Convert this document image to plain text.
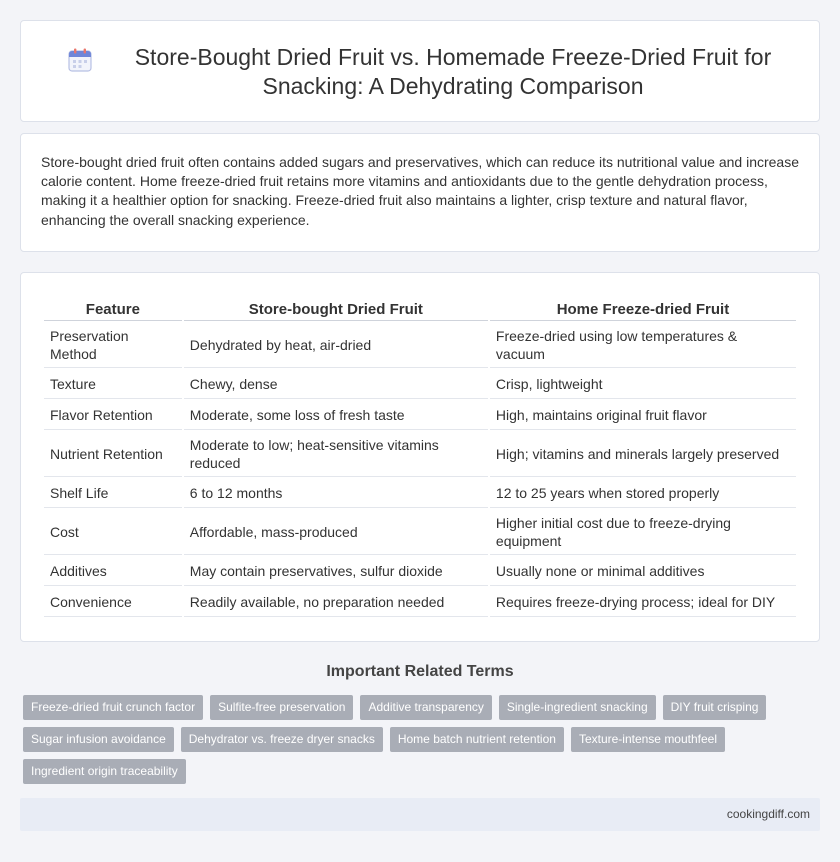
Store-Bought Dried Fruit vs. Homemade Freeze-Dried Fruit for Snacking: A Dehydrating Comparison

Store-bought dried fruit often contains added sugars and preservatives, which can reduce its nutritional value and increase calorie content. Home freeze-dried fruit retains more vitamins and antioxidants due to the gentle dehydration process, making it a healthier option for snacking. Freeze-dried fruit also maintains a lighter, crisp texture and natural flavor, enhancing the overall snacking experience.

Feature	Store-bought Dried Fruit	Home Freeze-dried Fruit
Preservation Method	Dehydrated by heat, air-dried	Freeze-dried using low temperatures & vacuum
Texture	Chewy, dense	Crisp, lightweight
Flavor Retention	Moderate, some loss of fresh taste	High, maintains original fruit flavor
Nutrient Retention	Moderate to low; heat-sensitive vitamins reduced	High; vitamins and minerals largely preserved
Shelf Life	6 to 12 months	12 to 25 years when stored properly
Cost	Affordable, mass-produced	Higher initial cost due to freeze-drying equipment
Additives	May contain preservatives, sulfur dioxide	Usually none or minimal additives
Convenience	Readily available, no preparation needed	Requires freeze-drying process; ideal for DIY
Important Related Terms
Freeze-dried fruit crunch factor	Sulfite-free preservation	Additive transparency	Single-ingredient snacking	DIY fruit crisping
Sugar infusion avoidance	Dehydrator vs. freeze dryer snacks	Home batch nutrient retention	Texture-intense mouthfeel
Ingredient origin traceability
cookingdiff.com
